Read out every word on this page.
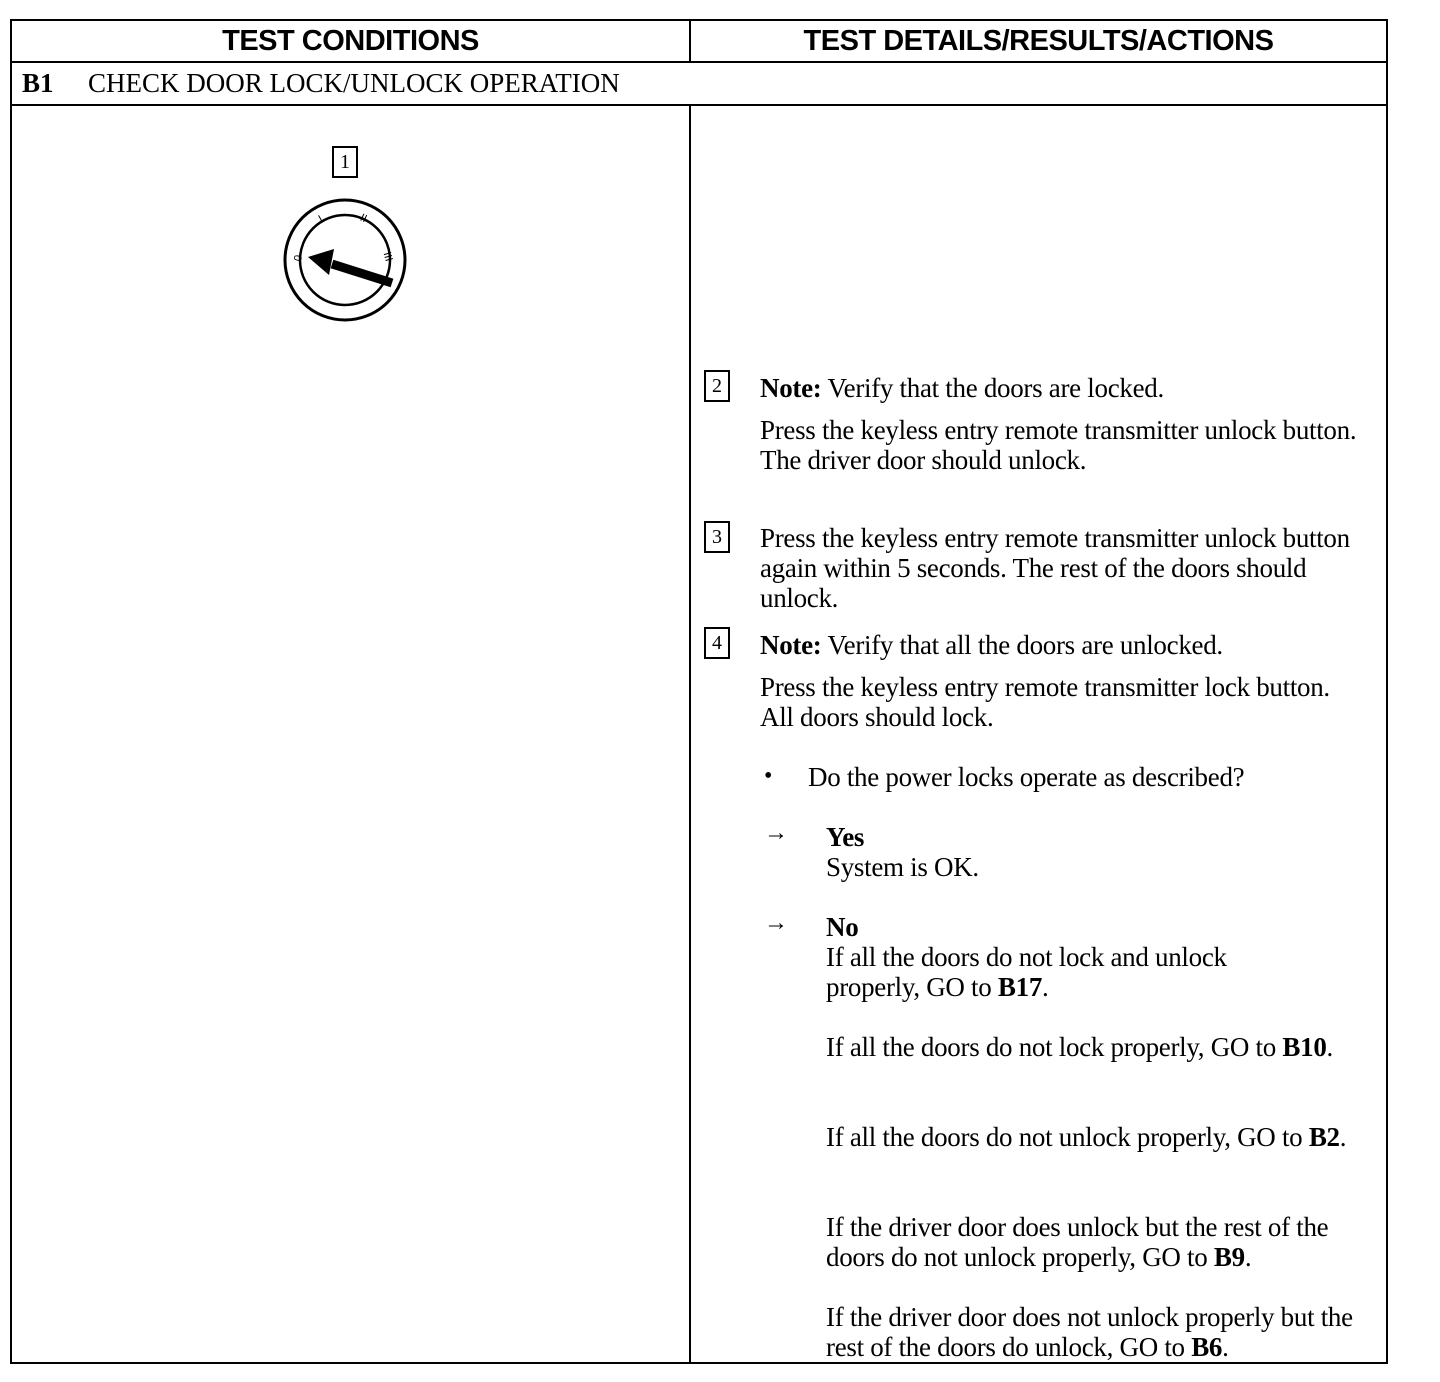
TEST CONDITIONS	TEST DETAILS/RESULTS/ACTIONS
B1	CHECK DOOR LOCK/UNLOCK OPERATION
1
0
I	II
III
2 Note: Verify that the doors are locked.
Press the keyless entry remote transmitter unlock button. The driver door should unlock.
3 Press the keyless entry remote transmitter unlock button again within 5 seconds. The rest of the doors should unlock.
4 Note: Verify that all the doors are unlocked.
Press the keyless entry remote transmitter lock button. All doors should lock.
• Do the power locks operate as described?
→ Yes
System is OK.
→ No
If all the doors do not lock and unlock properly, GO to B17.
If all the doors do not lock properly, GO to B10.
If all the doors do not unlock properly, GO to B2.
If the driver door does unlock but the rest of the doors do not unlock properly, GO to B9.
If the driver door does not unlock properly but the rest of the doors do unlock, GO to B6.
